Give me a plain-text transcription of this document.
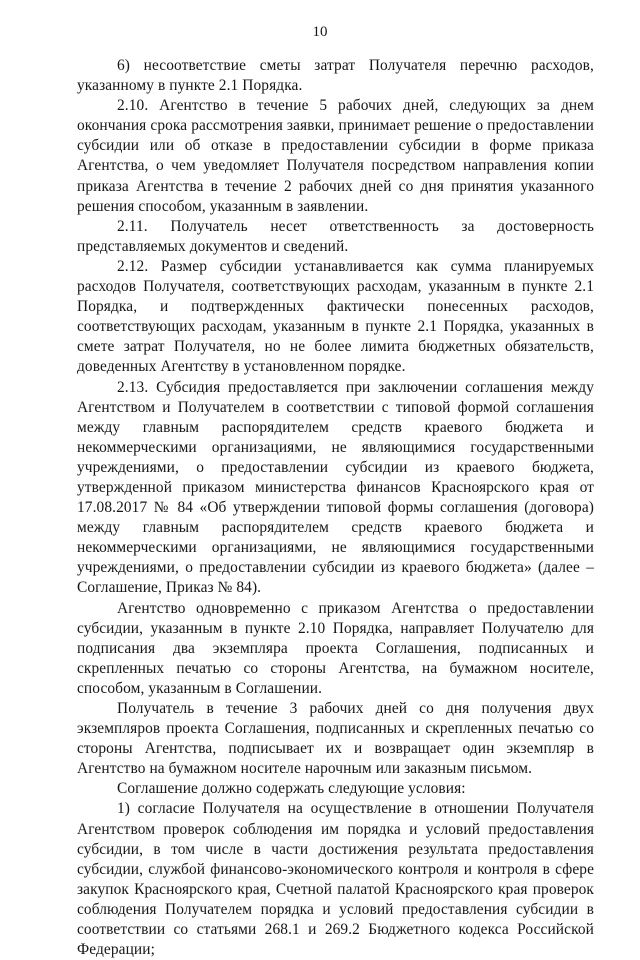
10

6) несоответствие сметы затрат Получателя перечню расходов, указанному в пункте 2.1 Порядка.

2.10. Агентство в течение 5 рабочих дней, следующих за днем окончания срока рассмотрения заявки, принимает решение о предоставлении субсидии или об отказе в предоставлении субсидии в форме приказа Агентства, о чем уведомляет Получателя посредством направления копии приказа Агентства в течение 2 рабочих дней со дня принятия указанного решения способом, указанным в заявлении.

2.11. Получатель несет ответственность за достоверность представляемых документов и сведений.

2.12. Размер субсидии устанавливается как сумма планируемых расходов Получателя, соответствующих расходам, указанным в пункте 2.1 Порядка, и подтвержденных фактически понесенных расходов, соответствующих расходам, указанным в пункте 2.1 Порядка, указанных в смете затрат Получателя, но не более лимита бюджетных обязательств, доведенных Агентству в установленном порядке.

2.13. Субсидия предоставляется при заключении соглашения между Агентством и Получателем в соответствии с типовой формой соглашения между главным распорядителем средств краевого бюджета и некоммерческими организациями, не являющимися государственными учреждениями, о предоставлении субсидии из краевого бюджета, утвержденной приказом министерства финансов Красноярского края от 17.08.2017 № 84 «Об утверждении типовой формы соглашения (договора) между главным распорядителем средств краевого бюджета и некоммерческими организациями, не являющимися государственными учреждениями, о предоставлении субсидии из краевого бюджета» (далее – Соглашение, Приказ № 84).

Агентство одновременно с приказом Агентства о предоставлении субсидии, указанным в пункте 2.10 Порядка, направляет Получателю для подписания два экземпляра проекта Соглашения, подписанных и скрепленных печатью со стороны Агентства, на бумажном носителе, способом, указанным в Соглашении.

Получатель в течение 3 рабочих дней со дня получения двух экземпляров проекта Соглашения, подписанных и скрепленных печатью со стороны Агентства, подписывает их и возвращает один экземпляр в Агентство на бумажном носителе нарочным или заказным письмом.

Соглашение должно содержать следующие условия:

1) согласие Получателя на осуществление в отношении Получателя Агентством проверок соблюдения им порядка и условий предоставления субсидии, в том числе в части достижения результата предоставления субсидии, службой финансово-экономического контроля и контроля в сфере закупок Красноярского края, Счетной палатой Красноярского края проверок соблюдения Получателем порядка и условий предоставления субсидии в соответствии со статьями 268.1 и 269.2 Бюджетного кодекса Российской Федерации;
